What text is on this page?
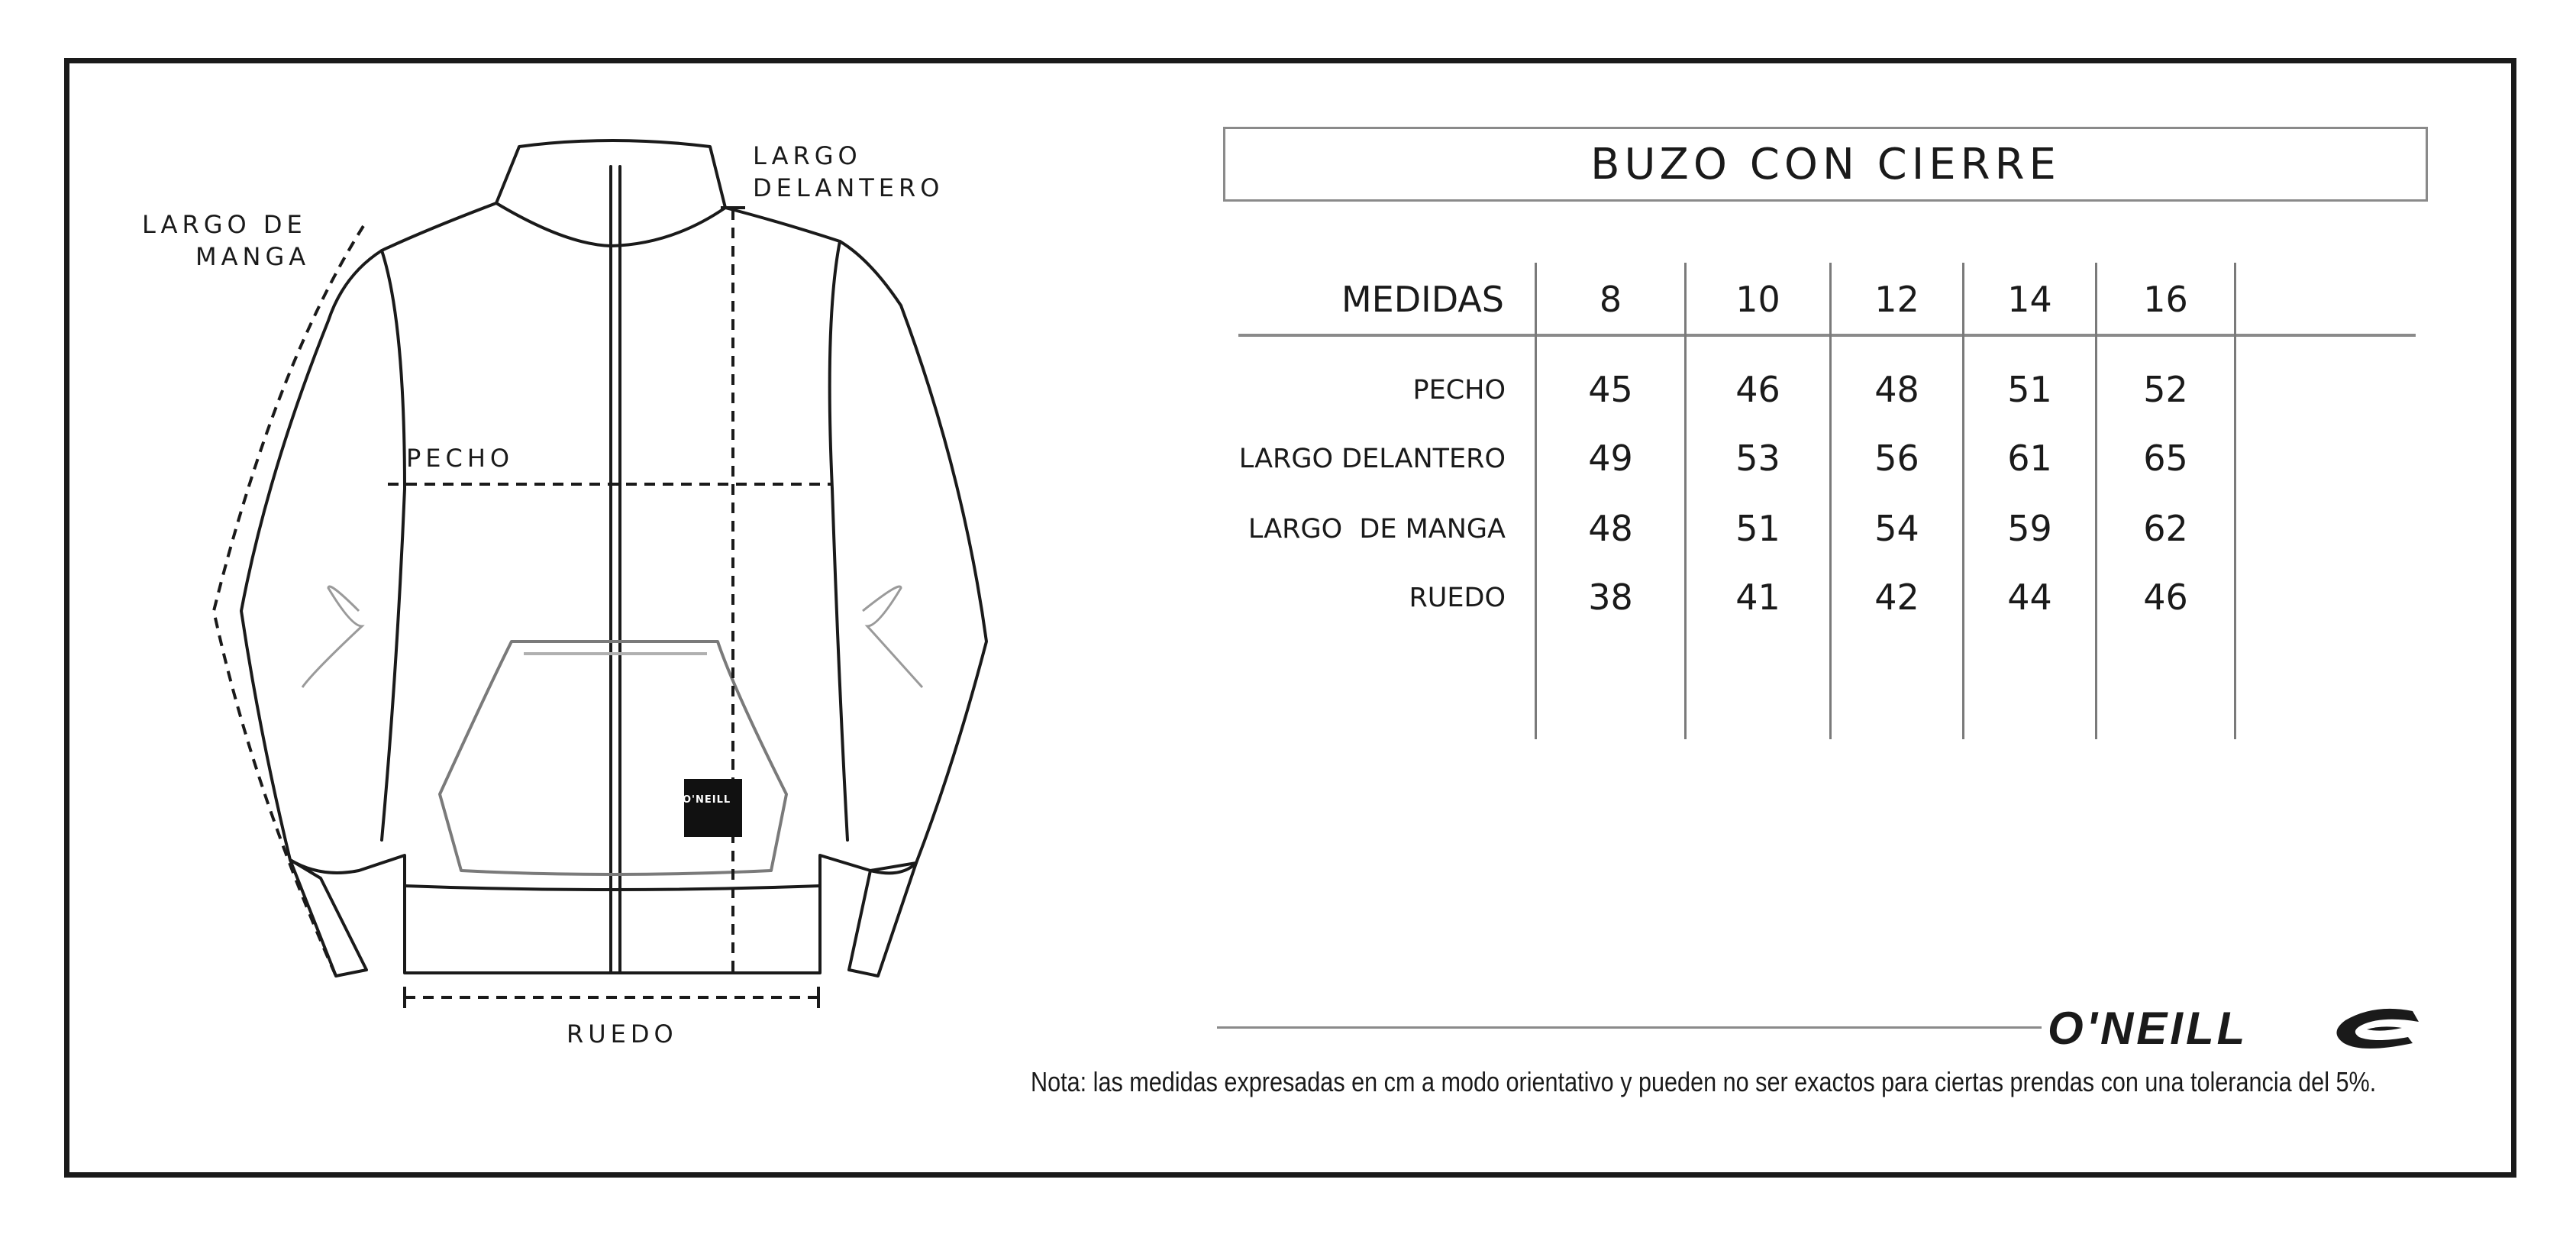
O'NEILL
LARGO DE
MANGA
LARGO
DELANTERO
PECHO
RUEDO
BUZO CON CIERRE
MEDIDAS	8	10	12	14	16
PECHO	45	46	48	51	52
LARGO DELANTERO	49	53	56	61	65
LARGO  DE MANGA	48	51	54	59	62
RUEDO	38	41	42	44	46
O'NEILL
Nota: las medidas expresadas en cm a modo orientativo y pueden no ser exactos para ciertas prendas con una tolerancia del 5%.
